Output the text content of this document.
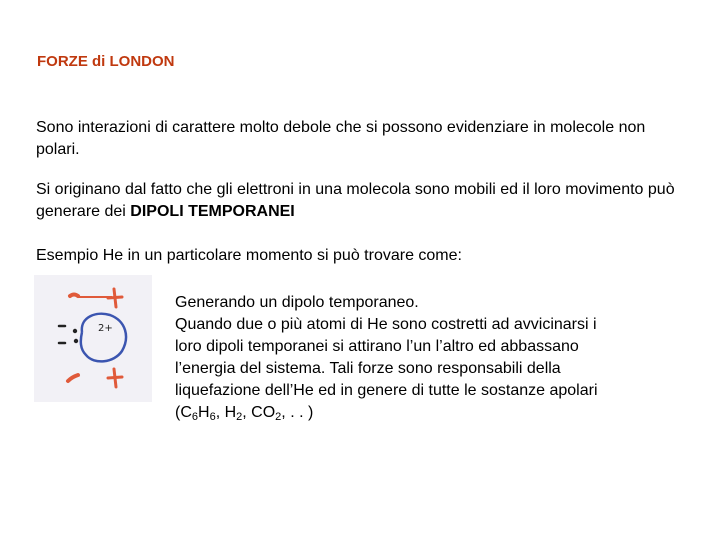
FORZE di LONDON
Sono interazioni di carattere molto debole che si possono evidenziare in molecole non polari.
Si originano dal fatto che gli elettroni in una molecola sono mobili ed il loro movimento può generare dei DIPOLI TEMPORANEI
Esempio He in un particolare momento si può trovare come:
2+
Generando un dipolo temporaneo.
Quando due o più atomi di He sono costretti ad avvicinarsi i
loro dipoli temporanei si attirano l’un l’altro ed abbassano
l’energia del sistema. Tali forze sono responsabili della
liquefazione dell’He ed in genere di tutte le sostanze apolari
($C_6H_6$, $H_2$, $CO_2$, . . )
